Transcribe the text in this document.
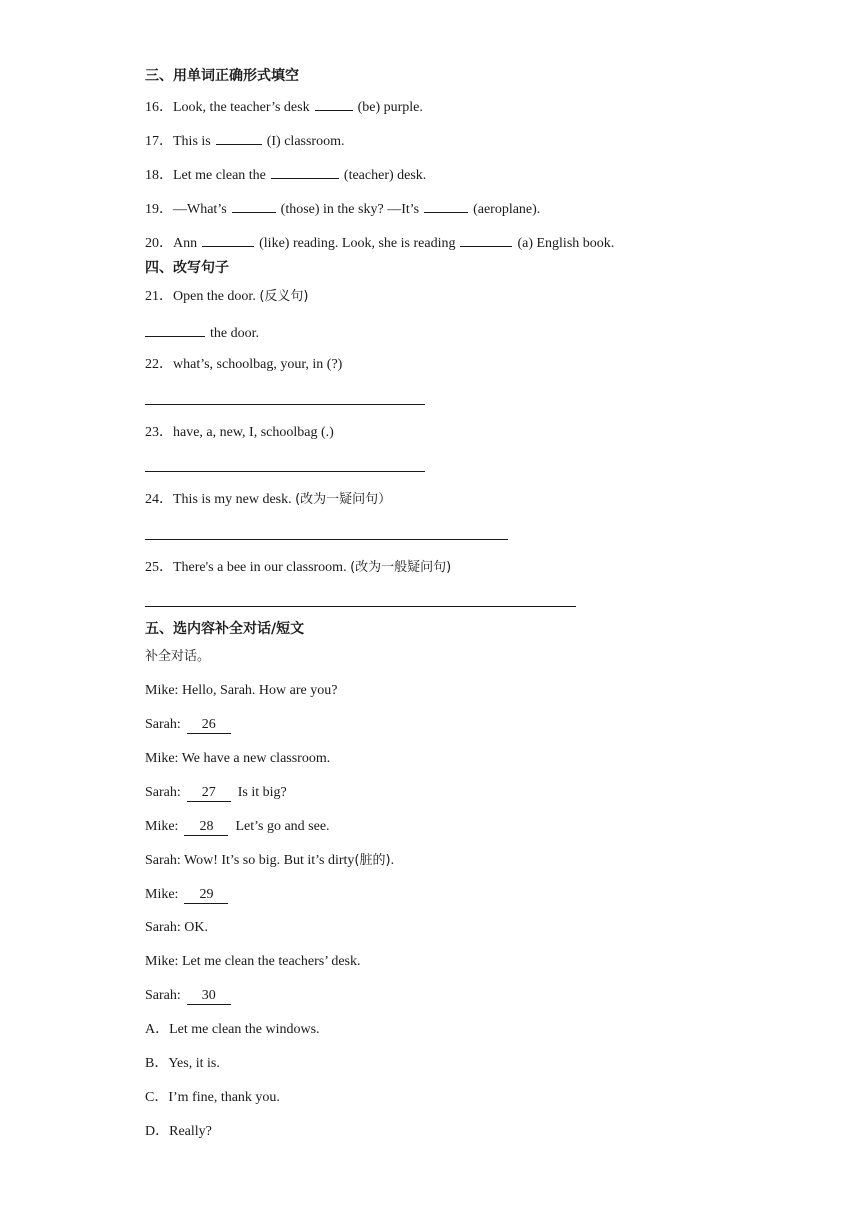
三、用单词正确形式填空
16．Look, the teacher’s desk	(be) purple.
17．This is	(I) classroom.
18．Let me clean the	(teacher) desk.
19．—What’s	(those) in the sky? —It’s	(aeroplane).
20．Ann	(like) reading. Look, she is reading	(a) English book.
四、改写句子
21．Open the door. (反义句)
the door.
22．what’s, schoolbag, your, in (?)
23．have, a, new, I, schoolbag (.)
24．This is my new desk. (改为一疑问句）
25．There's a bee in our classroom. (改为一般疑问句)
五、选内容补全对话/短文
补全对话。
Mike: Hello, Sarah. How are you?
Sarah: 26
Mike: We have a new classroom.
Sarah: 27 Is it big?
Mike: 28 Let’s go and see.
Sarah: Wow! It’s so big. But it’s dirty(脏的).
Mike: 29
Sarah: OK.
Mike: Let me clean the teachers’ desk.
Sarah: 30
A．Let me clean the windows.
B．Yes, it is.
C．I’m fine, thank you.
D．Really?
